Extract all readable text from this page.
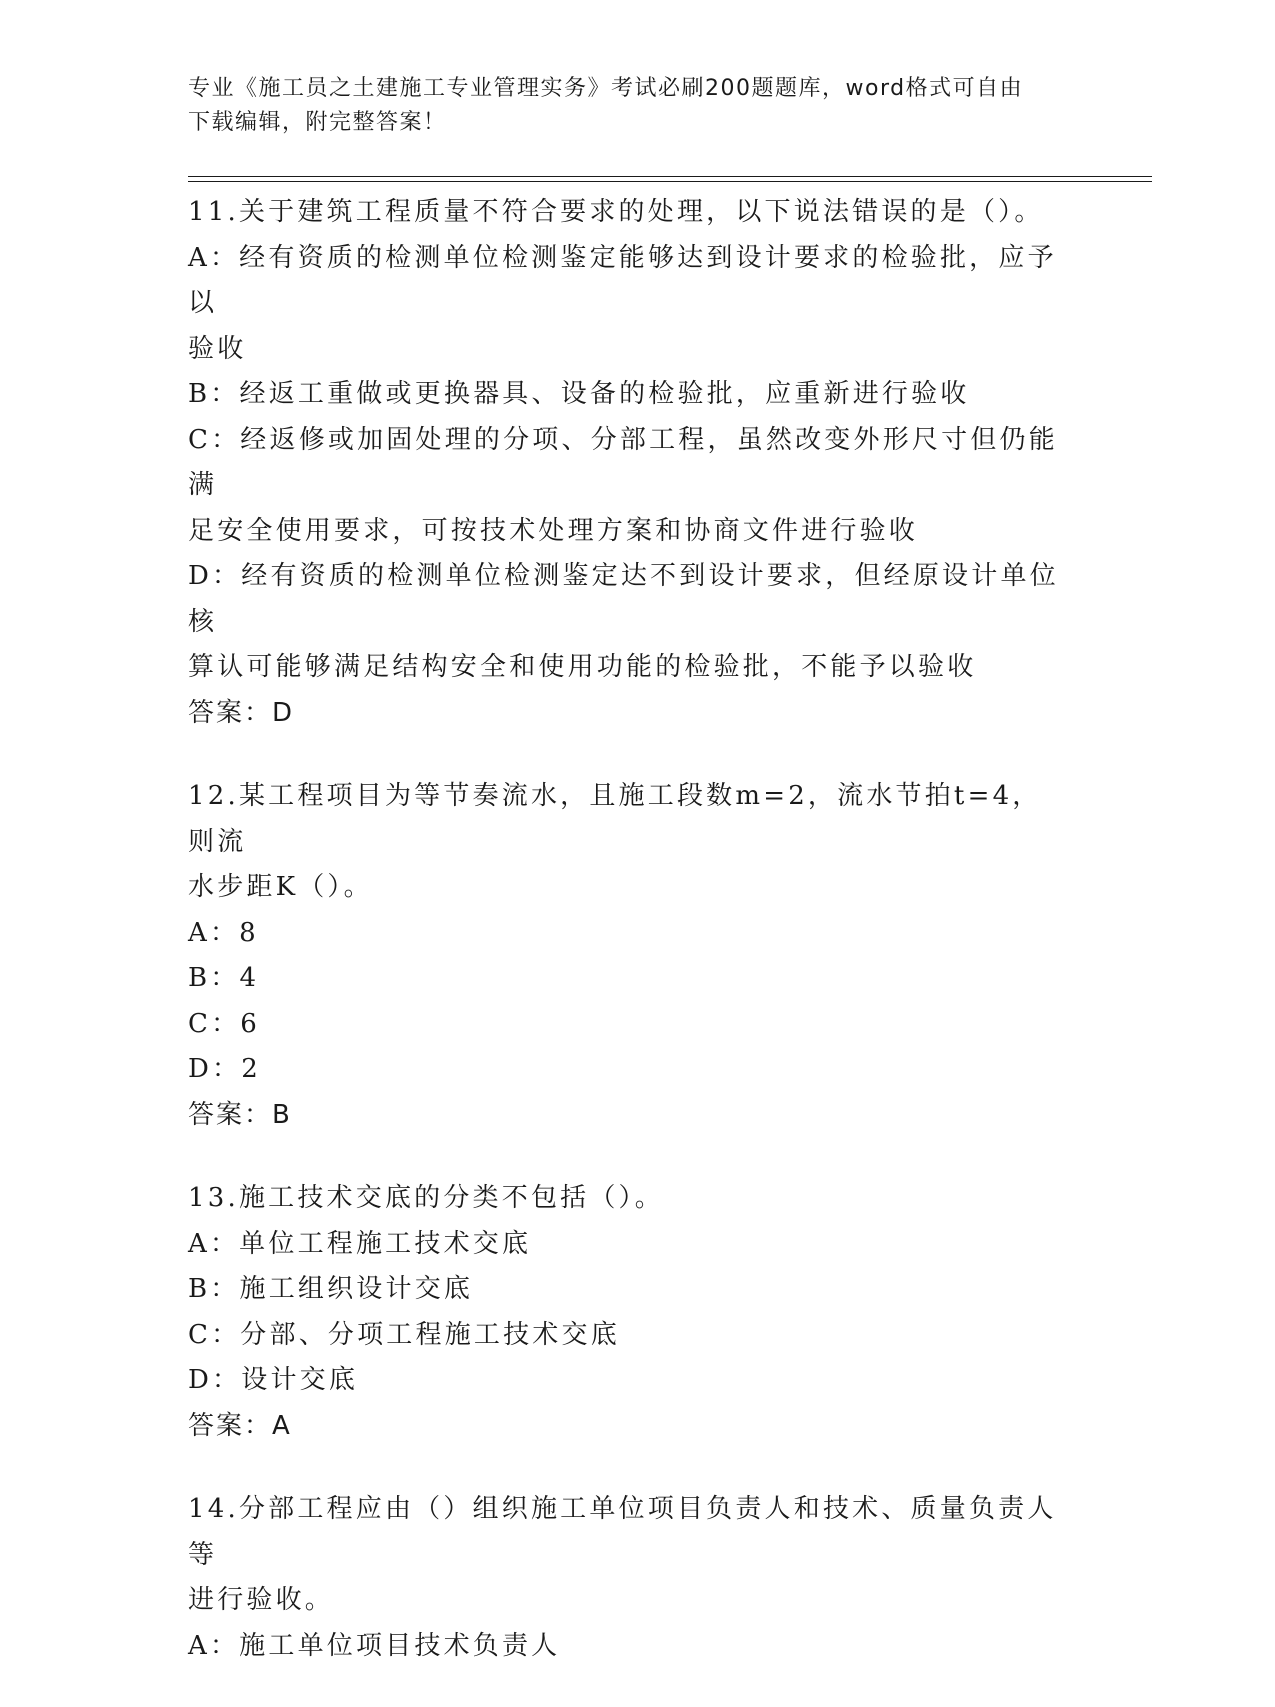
专业《施工员之土建施工专业管理实务》考试必刷200题题库，word格式可自由
下载编辑，附完整答案！

11.关于建筑工程质量不符合要求的处理，以下说法错误的是（）。

A：经有资质的检测单位检测鉴定能够达到设计要求的检验批，应予以

验收

B：经返工重做或更换器具、设备的检验批，应重新进行验收

C：经返修或加固处理的分项、分部工程，虽然改变外形尺寸但仍能满

足安全使用要求，可按技术处理方案和协商文件进行验收

D：经有资质的检测单位检测鉴定达不到设计要求，但经原设计单位核

算认可能够满足结构安全和使用功能的检验批，不能予以验收

答案：D

12.某工程项目为等节奏流水，且施工段数m=2，流水节拍t=4，则流

水步距K（）。

A：8

B：4

C：6

D：2

答案：B

13.施工技术交底的分类不包括（）。

A：单位工程施工技术交底

B：施工组织设计交底

C：分部、分项工程施工技术交底

D：设计交底

答案：A

14.分部工程应由（）组织施工单位项目负责人和技术、质量负责人等

进行验收。

A：施工单位项目技术负责人
